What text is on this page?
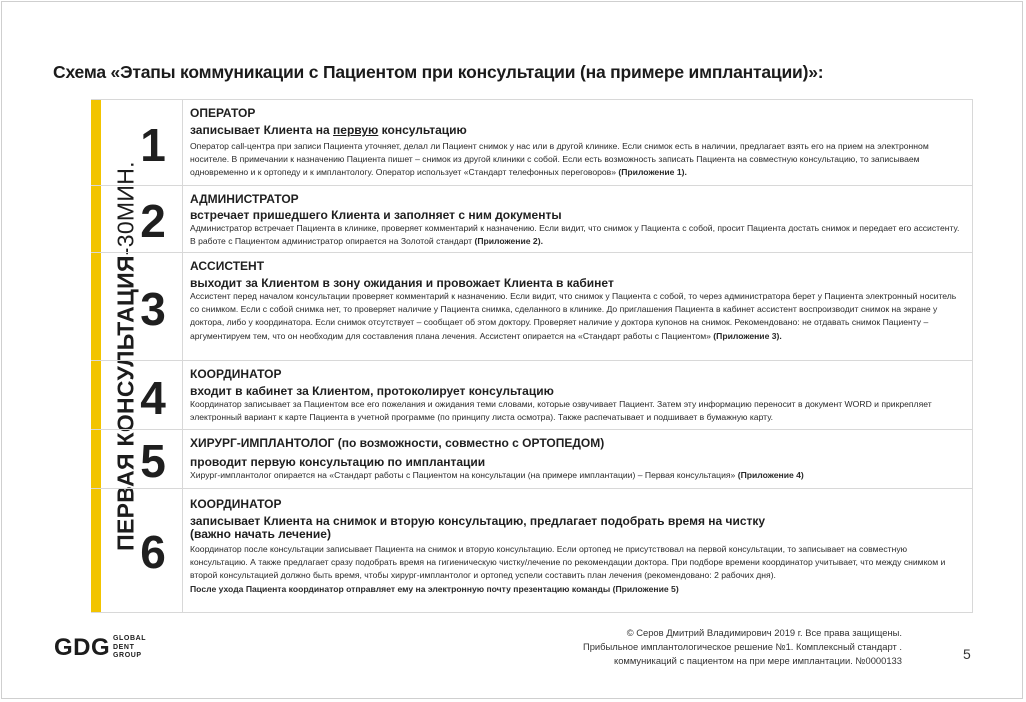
Схема «Этапы коммуникации с Пациентом при консультации (на примере имплантации)»:
ПЕРВАЯ КОНСУЛЬТАЦИЯ-30МИН.
1
ОПЕРАТОР
записывает Клиента на первую консультацию
Оператор call-центра при записи Пациента уточняет, делал ли Пациент снимок у нас или в другой клинике. Если снимок есть в наличии, предлагает взять его на прием на электронном носителе. В примечании к назначению Пациента пишет – снимок из другой клиники с собой. Если есть возможность записать Пациента на совместную консультацию, то записываем одновременно и к ортопеду и к имплантологу. Оператор использует «Стандарт телефонных переговоров» (Приложение 1).
2	АДМИНИСТРАТОР
встречает пришедшего Клиента и заполняет с ним документы
Администратор встречает Пациента в клинике, проверяет комментарий к назначению. Если видит, что снимок у Пациента с собой, просит Пациента достать снимок и передает его ассистенту. В работе с Пациентом администратор опирается на Золотой стандарт (Приложение 2).
3
АССИСТЕНТ
выходит за Клиентом в зону ожидания и провожает Клиента в кабинет
Ассистент перед началом консультации проверяет комментарий к назначению. Если видит, что снимок у Пациента с собой, то через администратора берет у Пациента электронный носитель со снимком. Если с собой снимка нет, то проверяет наличие у Пациента снимка, сделанного в клинике. До приглашения Пациента в кабинет ассистент воспроизводит снимок на экране у доктора, либо у координатора. Если снимок отсутствует – сообщает об этом доктору. Проверяет наличие у доктора купонов на снимок. Рекомендовано: не отдавать снимок Пациенту – аргументируем тем, что он необходим для составления плана лечения. Ассистент опирается на «Стандарт работы с Пациентом» (Приложение 3).
4	КООРДИНАТОР
входит в кабинет за Клиентом, протоколирует консультацию
Координатор записывает за Пациентом все его пожелания и ожидания теми словами, которые озвучивает Пациент. Затем эту информацию переносит в документ WORD и прикрепляет электронный вариант к карте Пациента в учетной программе (по принципу листа осмотра). Также распечатывает и подшивает в бумажную карту.
5	ХИРУРГ-ИМПЛАНТОЛОГ (по возможности, совместно с ОРТОПЕДОМ)
проводит первую консультацию по имплантации
Хирург-имплантолог опирается на «Стандарт работы с Пациентом на консультации (на примере имплантации) – Первая консультация» (Приложение 4)
6
КООРДИНАТОР
записывает Клиента на снимок и вторую консультацию, предлагает подобрать время на чистку
(важно начать лечение)
Координатор после консультации записывает Пациента на снимок и вторую консультацию. Если ортопед не присутствовал на первой консультации, то записывает на совместную консультацию. А также предлагает сразу подобрать время на гигиеническую чистку/лечение по рекомендации доктора. При подборе времени координатор учитывает, что между снимком и второй консультацией должно быть время, чтобы хирург-имплантолог и ортопед успели составить план лечения (рекомендовано: 2 рабочих дня).
После ухода Пациента координатор отправляет ему на электронную почту презентацию команды (Приложение 5)
GDG GLOBAL
DENT
GROUP
© Серов Дмитрий Владимирович 2019 г. Все права защищены.
Прибыльное имплантологическое решение №1. Комплексный стандарт .
коммуникаций с пациентом на при мере имплантации. №0000133	5
